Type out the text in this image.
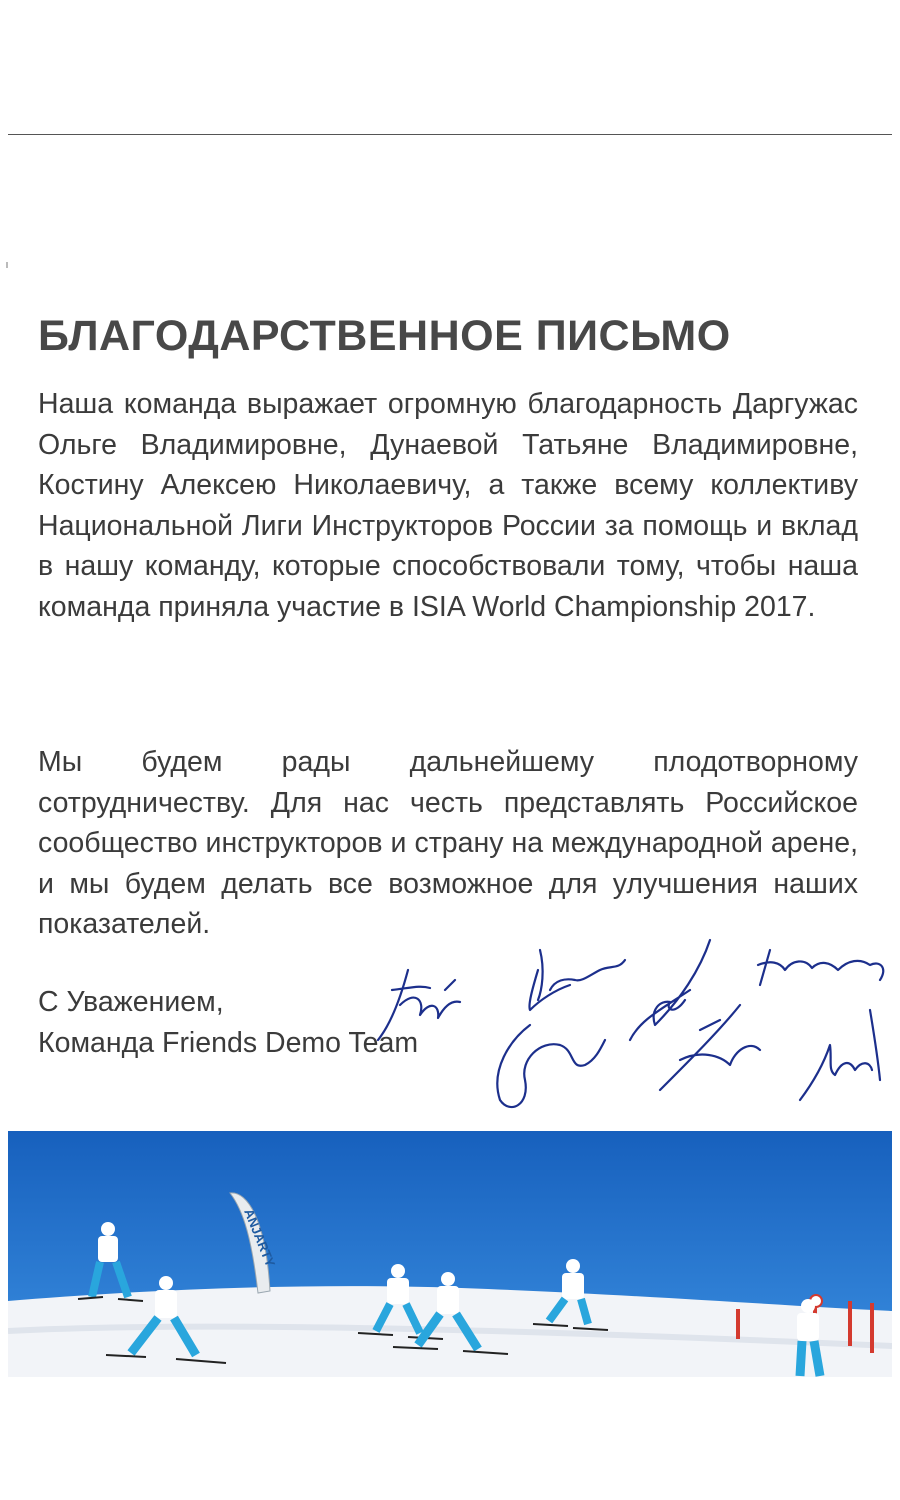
БЛАГОДАРСТВЕННОЕ ПИСЬМО
Наша команда выражает огромную благодарность Даргужас Ольге Владимировне, Дунаевой Татьяне Владимировне, Костину Алексею Николаевичу, а также всему коллективу Национальной Лиги Инструкторов России за помощь и вклад в нашу команду, которые способствовали тому, чтобы наша команда приняла участие в ISIA World Championship 2017.
Мы будем рады дальнейшему плодотворному сотрудничеству. Для нас честь представлять Российское сообщество инструкторов и страну на международной арене, и мы будем делать все возможное для улучшения наших показателей.
С Уважением,
Команда Friends Demo Team
ANJARTY
